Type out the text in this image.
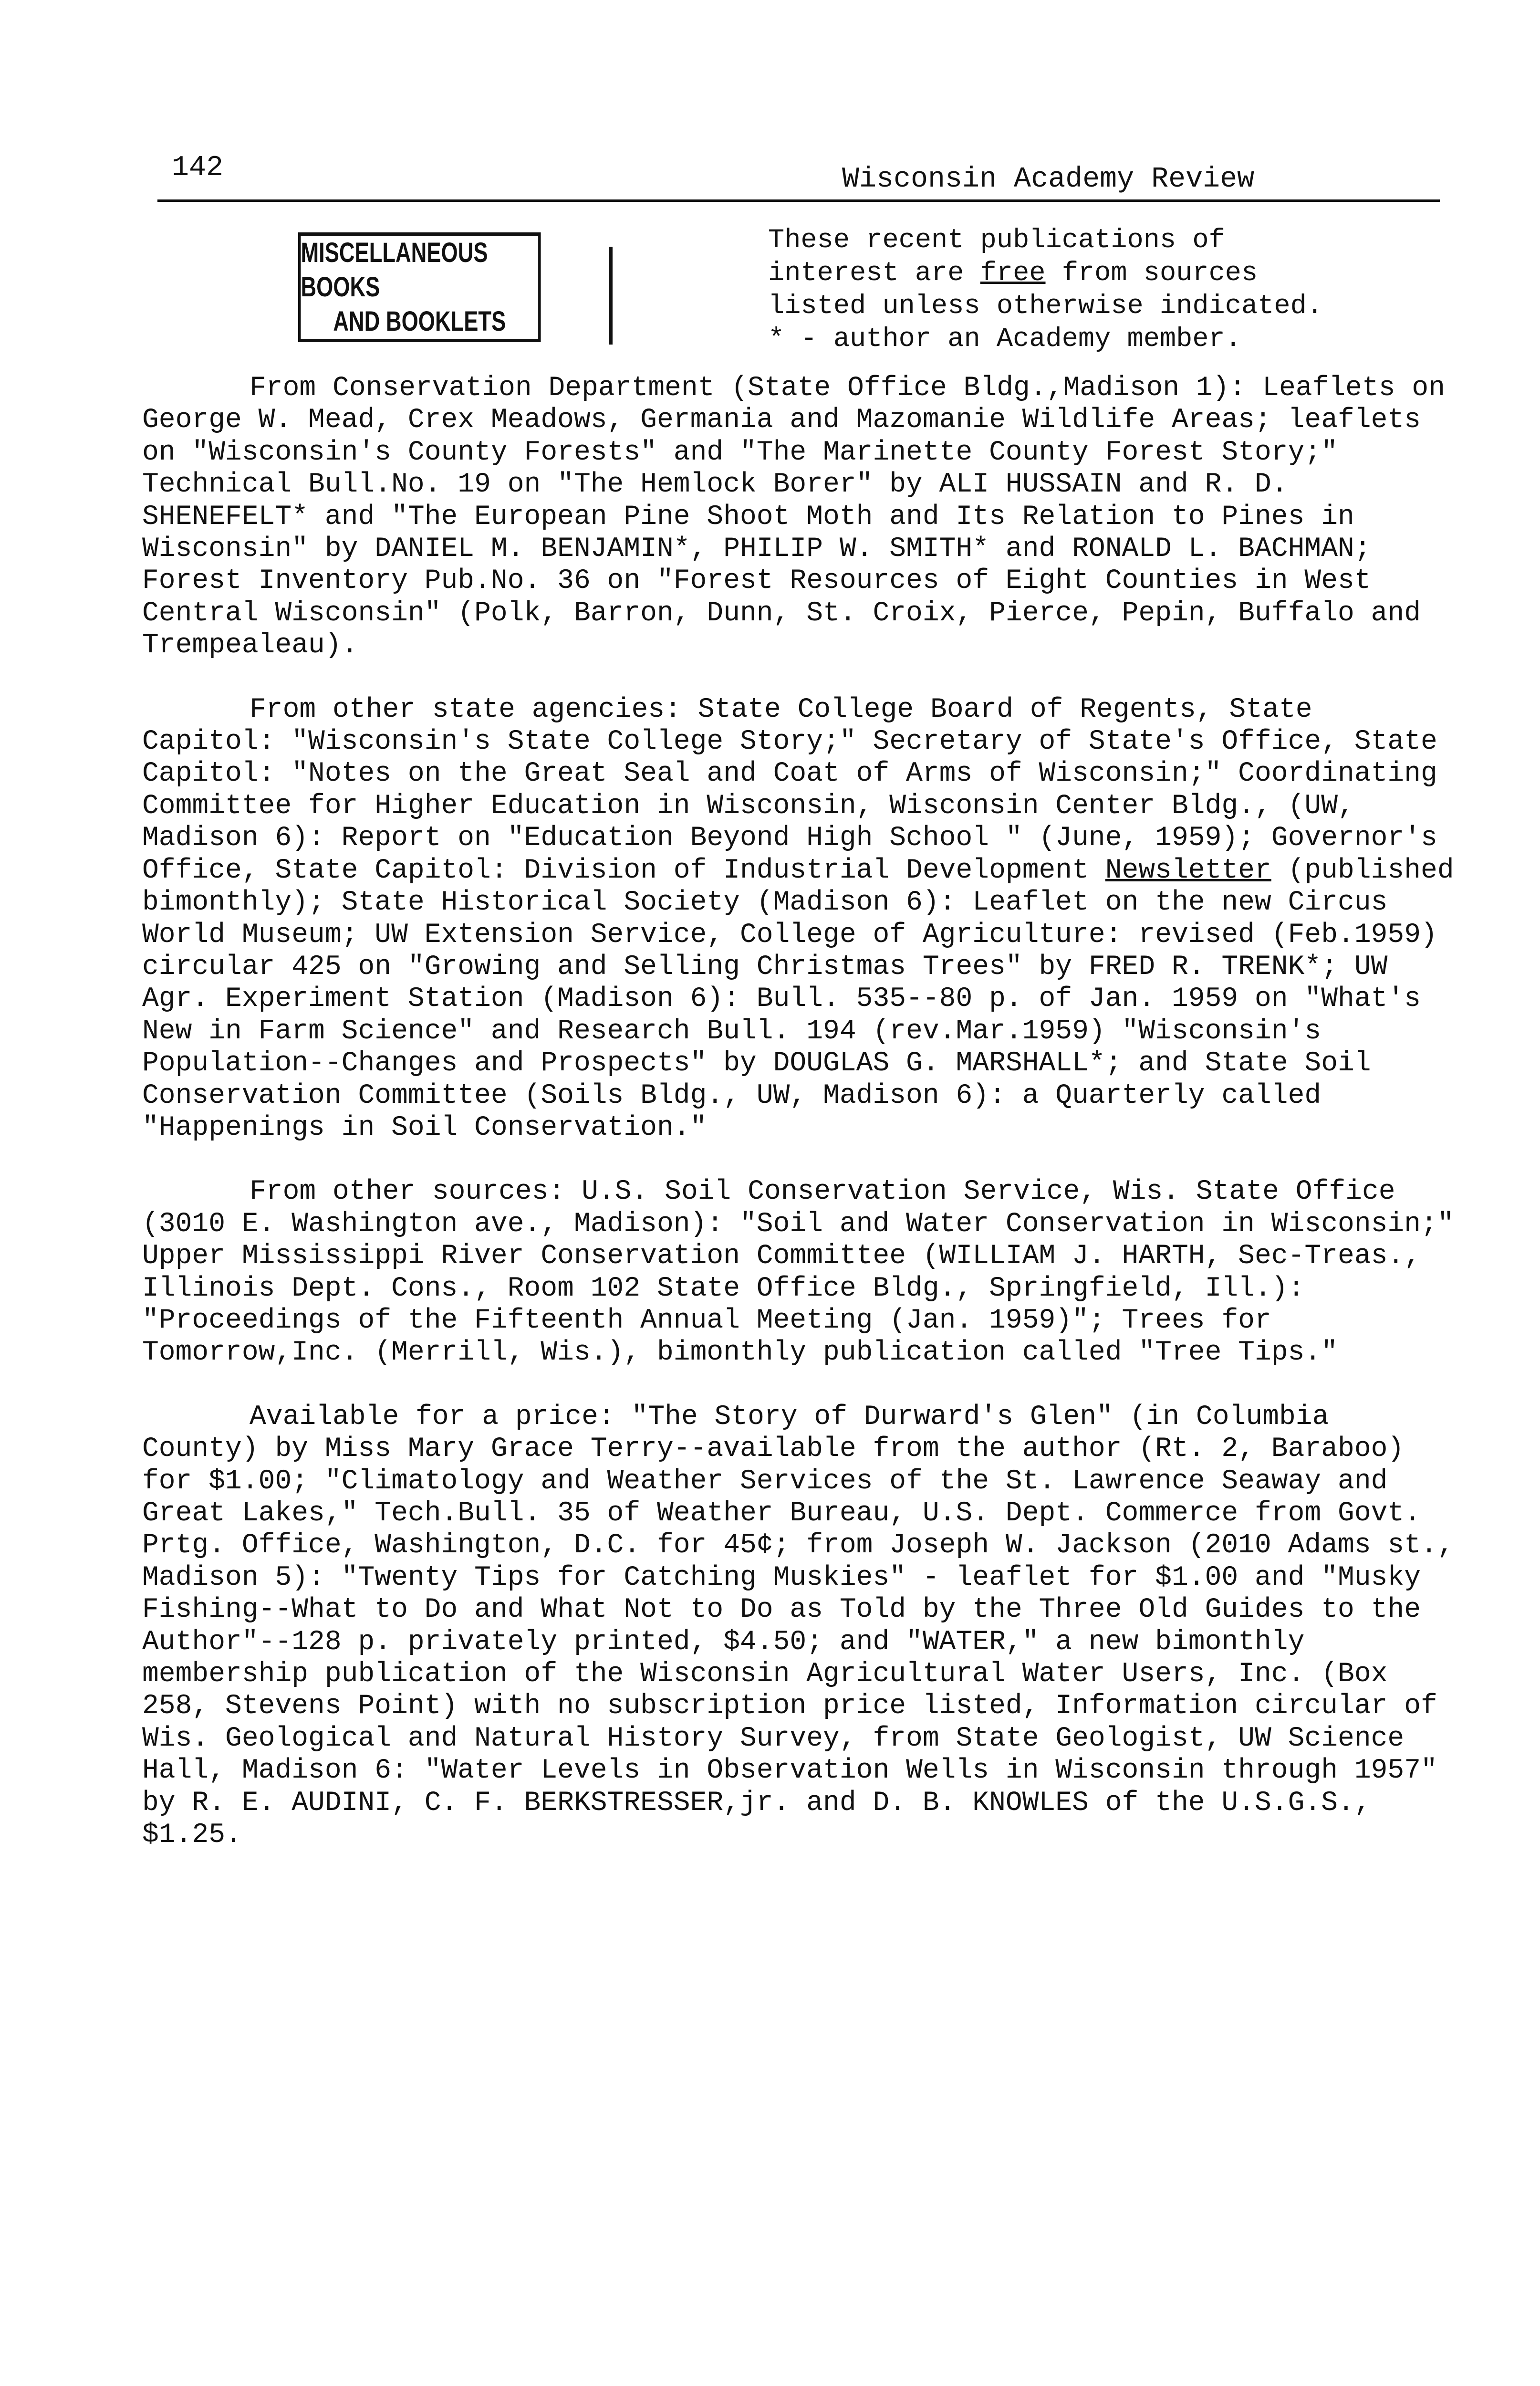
142	Wisconsin Academy Review
MISCELLANEOUS BOOKS
AND BOOKLETS
These recent publications of
interest are free from sources
listed unless otherwise indicated.
* - author an Academy member.

From Conservation Department (State Office Bldg.,Madison 1): Leaflets on George W. Mead, Crex Meadows, Germania and Mazomanie Wildlife Areas; leaflets on "Wisconsin's County Forests" and "The Marinette County Forest Story;" Technical Bull.No. 19 on "The Hemlock Borer" by ALI HUSSAIN and R. D. SHENEFELT* and "The European Pine Shoot Moth and Its Relation to Pines in Wisconsin" by DANIEL M. BENJAMIN*, PHILIP W. SMITH* and RONALD L. BACHMAN; Forest Inventory Pub.No. 36 on "Forest Resources of Eight Counties in West Central Wisconsin" (Polk, Barron, Dunn, St. Croix, Pierce, Pepin, Buffalo and Trempealeau).

From other state agencies: State College Board of Regents, State Capitol: "Wisconsin's State College Story;" Secretary of State's Office, State Capitol: "Notes on the Great Seal and Coat of Arms of Wisconsin;" Coordinating Committee for Higher Education in Wisconsin, Wisconsin Center Bldg., (UW, Madison 6): Report on "Education Beyond High School " (June, 1959); Governor's Office, State Capitol: Division of Industrial Development Newsletter (published bimonthly); State Historical Society (Madison 6): Leaflet on the new Circus World Museum; UW Extension Service, College of Agriculture: revised (Feb.1959) circular 425 on "Growing and Selling Christmas Trees" by FRED R. TRENK*; UW Agr. Experiment Station (Madison 6): Bull. 535--80 p. of Jan. 1959 on "What's New in Farm Science" and Research Bull. 194 (rev.Mar.1959) "Wisconsin's Population--Changes and Prospects" by DOUGLAS G. MARSHALL*; and State Soil Conservation Committee (Soils Bldg., UW, Madison 6): a Quarterly called "Happenings in Soil Conservation."

From other sources: U.S. Soil Conservation Service, Wis. State Office (3010 E. Washington ave., Madison): "Soil and Water Conservation in Wisconsin;" Upper Mississippi River Conservation Committee (WILLIAM J. HARTH, Sec-Treas., Illinois Dept. Cons., Room 102 State Office Bldg., Springfield, Ill.): "Proceedings of the Fifteenth Annual Meeting (Jan. 1959)"; Trees for Tomorrow,Inc. (Merrill, Wis.), bimonthly publication called "Tree Tips."

Available for a price: "The Story of Durward's Glen" (in Columbia County) by Miss Mary Grace Terry--available from the author (Rt. 2, Baraboo) for $1.00; "Climatology and Weather Services of the St. Lawrence Seaway and Great Lakes," Tech.Bull. 35 of Weather Bureau, U.S. Dept. Commerce from Govt. Prtg. Office, Washington, D.C. for 45¢; from Joseph W. Jackson (2010 Adams st., Madison 5): "Twenty Tips for Catching Muskies" - leaflet for $1.00 and "Musky Fishing--What to Do and What Not to Do as Told by the Three Old Guides to the Author"--128 p. privately printed, $4.50; and "WATER," a new bimonthly membership publication of the Wisconsin Agricultural Water Users, Inc. (Box 258, Stevens Point) with no subscription price listed, Information circular of Wis. Geological and Natural History Survey, from State Geologist, UW Science Hall, Madison 6: "Water Levels in Observation Wells in Wisconsin through 1957" by R. E. AUDINI, C. F. BERKSTRESSER,jr. and D. B. KNOWLES of the U.S.G.S., $1.25.
